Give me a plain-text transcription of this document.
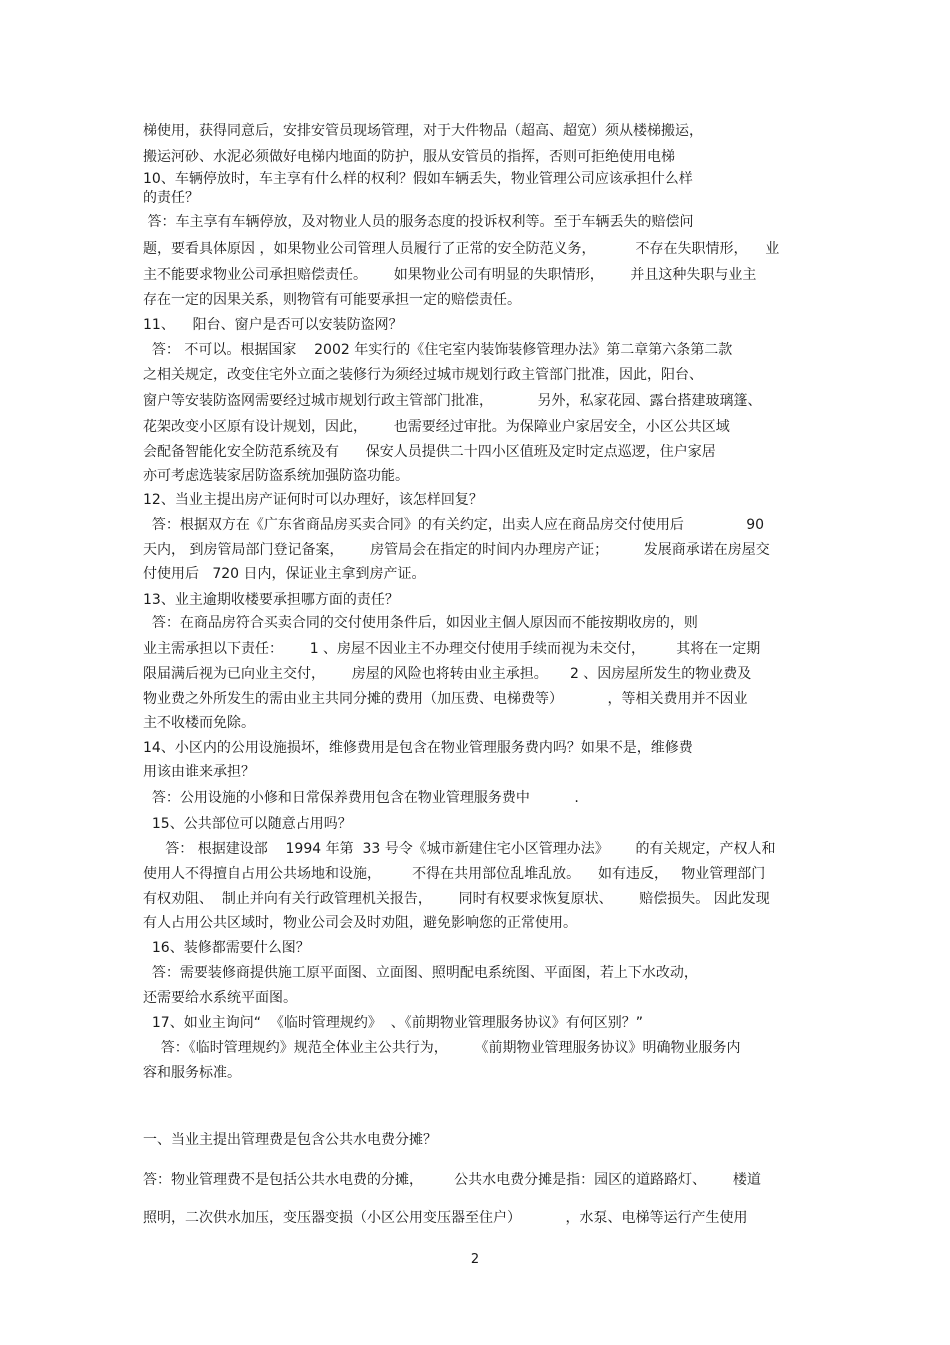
梯使用，获得同意后，安排安管员现场管理，对于大件物品（超高、超宽）须从楼梯搬运，
搬运河砂、水泥必须做好电梯内地面的防护，服从安管员的指挥，否则可拒绝使用电梯
10、车辆停放时，车主享有什么样的权利？假如车辆丢失，物业管理公司应该承担什么样
的责任？
答：车主享有车辆停放，及对物业人员的服务态度的投诉权利等。至于车辆丢失的赔偿问
题，要看具体原因 ，如果物业公司管理人员履行了正常的安全防范义务，         不存在失职情形，    业
主不能要求物业公司承担赔偿责任。      如果物业公司有明显的失职情形，      并且这种失职与业主
存在一定的因果关系，则物管有可能要承担一定的赔偿责任。
11、    阳台、窗户是否可以安装防盗网？
答： 不可以。根据国家    2002 年实行的《住宅室内装饰装修管理办法》第二章第六条第二款
之相关规定，改变住宅外立面之装修行为须经过城市规划行政主管部门批准，因此，阳台、
窗户等安装防盗网需要经过城市规划行政主管部门批准，          另外，私家花园、露台搭建玻璃篷、
花架改变小区原有设计规划，因此，      也需要经过审批。为保障业户家居安全，小区公共区域
会配备智能化安全防范系统及有      保安人员提供二十四小区值班及定时定点巡逻，住户家居
亦可考虑选装家居防盗系统加强防盗功能。
12、当业主提出房产证何时可以办理好，该怎样回复？
答：根据双方在《广东省商品房买卖合同》的有关约定，出卖人应在商品房交付使用后              90
天内， 到房管局部门登记备案，      房管局会在指定的时间内办理房产证；        发展商承诺在房屋交
付使用后   720 日内，保证业主拿到房产证。
13、业主逾期收楼要承担哪方面的责任？
答：在商品房符合买卖合同的交付使用条件后，如因业主個人原因而不能按期收房的，则
业主需承担以下责任：      1 、房屋不因业主不办理交付使用手续而视为未交付，       其将在一定期
限届满后视为已向业主交付，      房屋的风险也将转由业主承担。     2 、因房屋所发生的物业费及
物业费之外所发生的需由业主共同分摊的费用（加压费、电梯费等）          ，等相关费用并不因业
主不收楼而免除。
14、小区内的公用设施损坏，维修费用是包含在物业管理服务费内吗？如果不是，维修费
用该由谁来承担？
答：公用设施的小修和日常保养费用包含在物业管理服务费中          .
15、公共部位可以随意占用吗？
答： 根据建设部    1994 年第  33 号令《城市新建住宅小区管理办法》      的有关规定，产权人和
使用人不得擅自占用公共场地和设施，       不得在共用部位乱堆乱放。    如有违反，   物业管理部门
有权劝阻、  制止并向有关行政管理机关报告，      同时有权要求恢复原状、      赔偿损失。 因此发现
有人占用公共区域时，物业公司会及时劝阻，避免影响您的正常使用。
16、装修都需要什么图？
答：需要装修商提供施工原平面图、立面图、照明配电系统图、平面图，若上下水改动，
还需要给水系统平面图。
17、如业主询问“  《临时管理规约》  、《前期物业管理服务协议》有何区别？”
答：《临时管理规约》规范全体业主公共行为，      《前期物业管理服务协议》明确物业服务内
容和服务标准。
一、当业主提出管理费是包含公共水电费分摊？
答：物业管理费不是包括公共水电费的分摊，       公共水电费分摊是指：园区的道路路灯、      楼道
照明，二次供水加压，变压器变损（小区公用变压器至住户）          ，水泵、电梯等运行产生使用
2
